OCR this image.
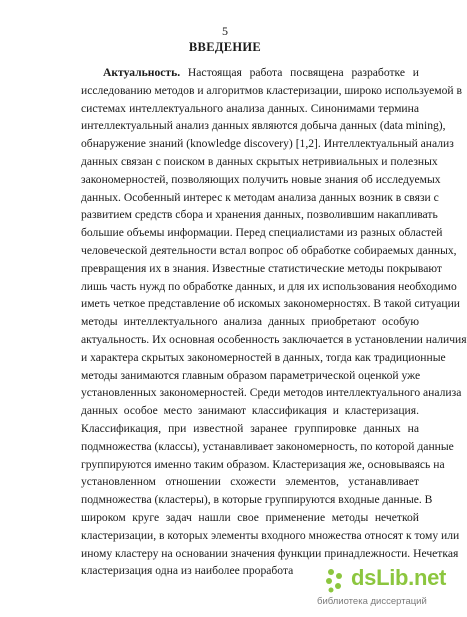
5
ВВЕДЕНИЕ
Актуальность. Настоящая работа посвящена разработке и
исследованию методов и алгоритмов кластеризации, широко используемой в
системах интеллектуального анализа данных. Синонимами термина
интеллектуальный анализ данных являются добыча данных (data mining),
обнаружение знаний (knowledge discovery) [1,2]. Интеллектуальный анализ
данных связан с поиском в данных скрытых нетривиальных и полезных
закономерностей, позволяющих получить новые знания об исследуемых
данных. Особенный интерес к методам анализа данных возник в связи с
развитием средств сбора и хранения данных, позволившим накапливать
большие объемы информации. Перед специалистами из разных областей
человеческой деятельности встал вопрос об обработке собираемых данных,
превращения их в знания. Известные статистические методы покрывают
лишь часть нужд по обработке данных, и для их использования необходимо
иметь четкое представление об искомых закономерностях. В такой ситуации
методы интеллектуального анализа данных приобретают особую
актуальность. Их основная особенность заключается в установлении наличия
и характера скрытых закономерностей в данных, тогда как традиционные
методы занимаются главным образом параметрической оценкой уже
установленных закономерностей. Среди методов интеллектуального анализа
данных особое место занимают классификация и кластеризация.
Классификация, при известной заранее группировке данных на
подмножества (классы), устанавливает закономерность, по которой данные
группируются именно таким образом. Кластеризация же, основываясь на
установленном отношении схожести элементов, устанавливает
подмножества (кластеры), в которые группируются входные данные. В
широком круге задач нашли свое применение методы нечеткой
кластеризации, в которых элементы входного множества относят к тому или
иному кластеру на основании значения функции принадлежности. Нечеткая
кластеризация одна из наиболее проработа	dsLib.net
библиотека диссертаций
